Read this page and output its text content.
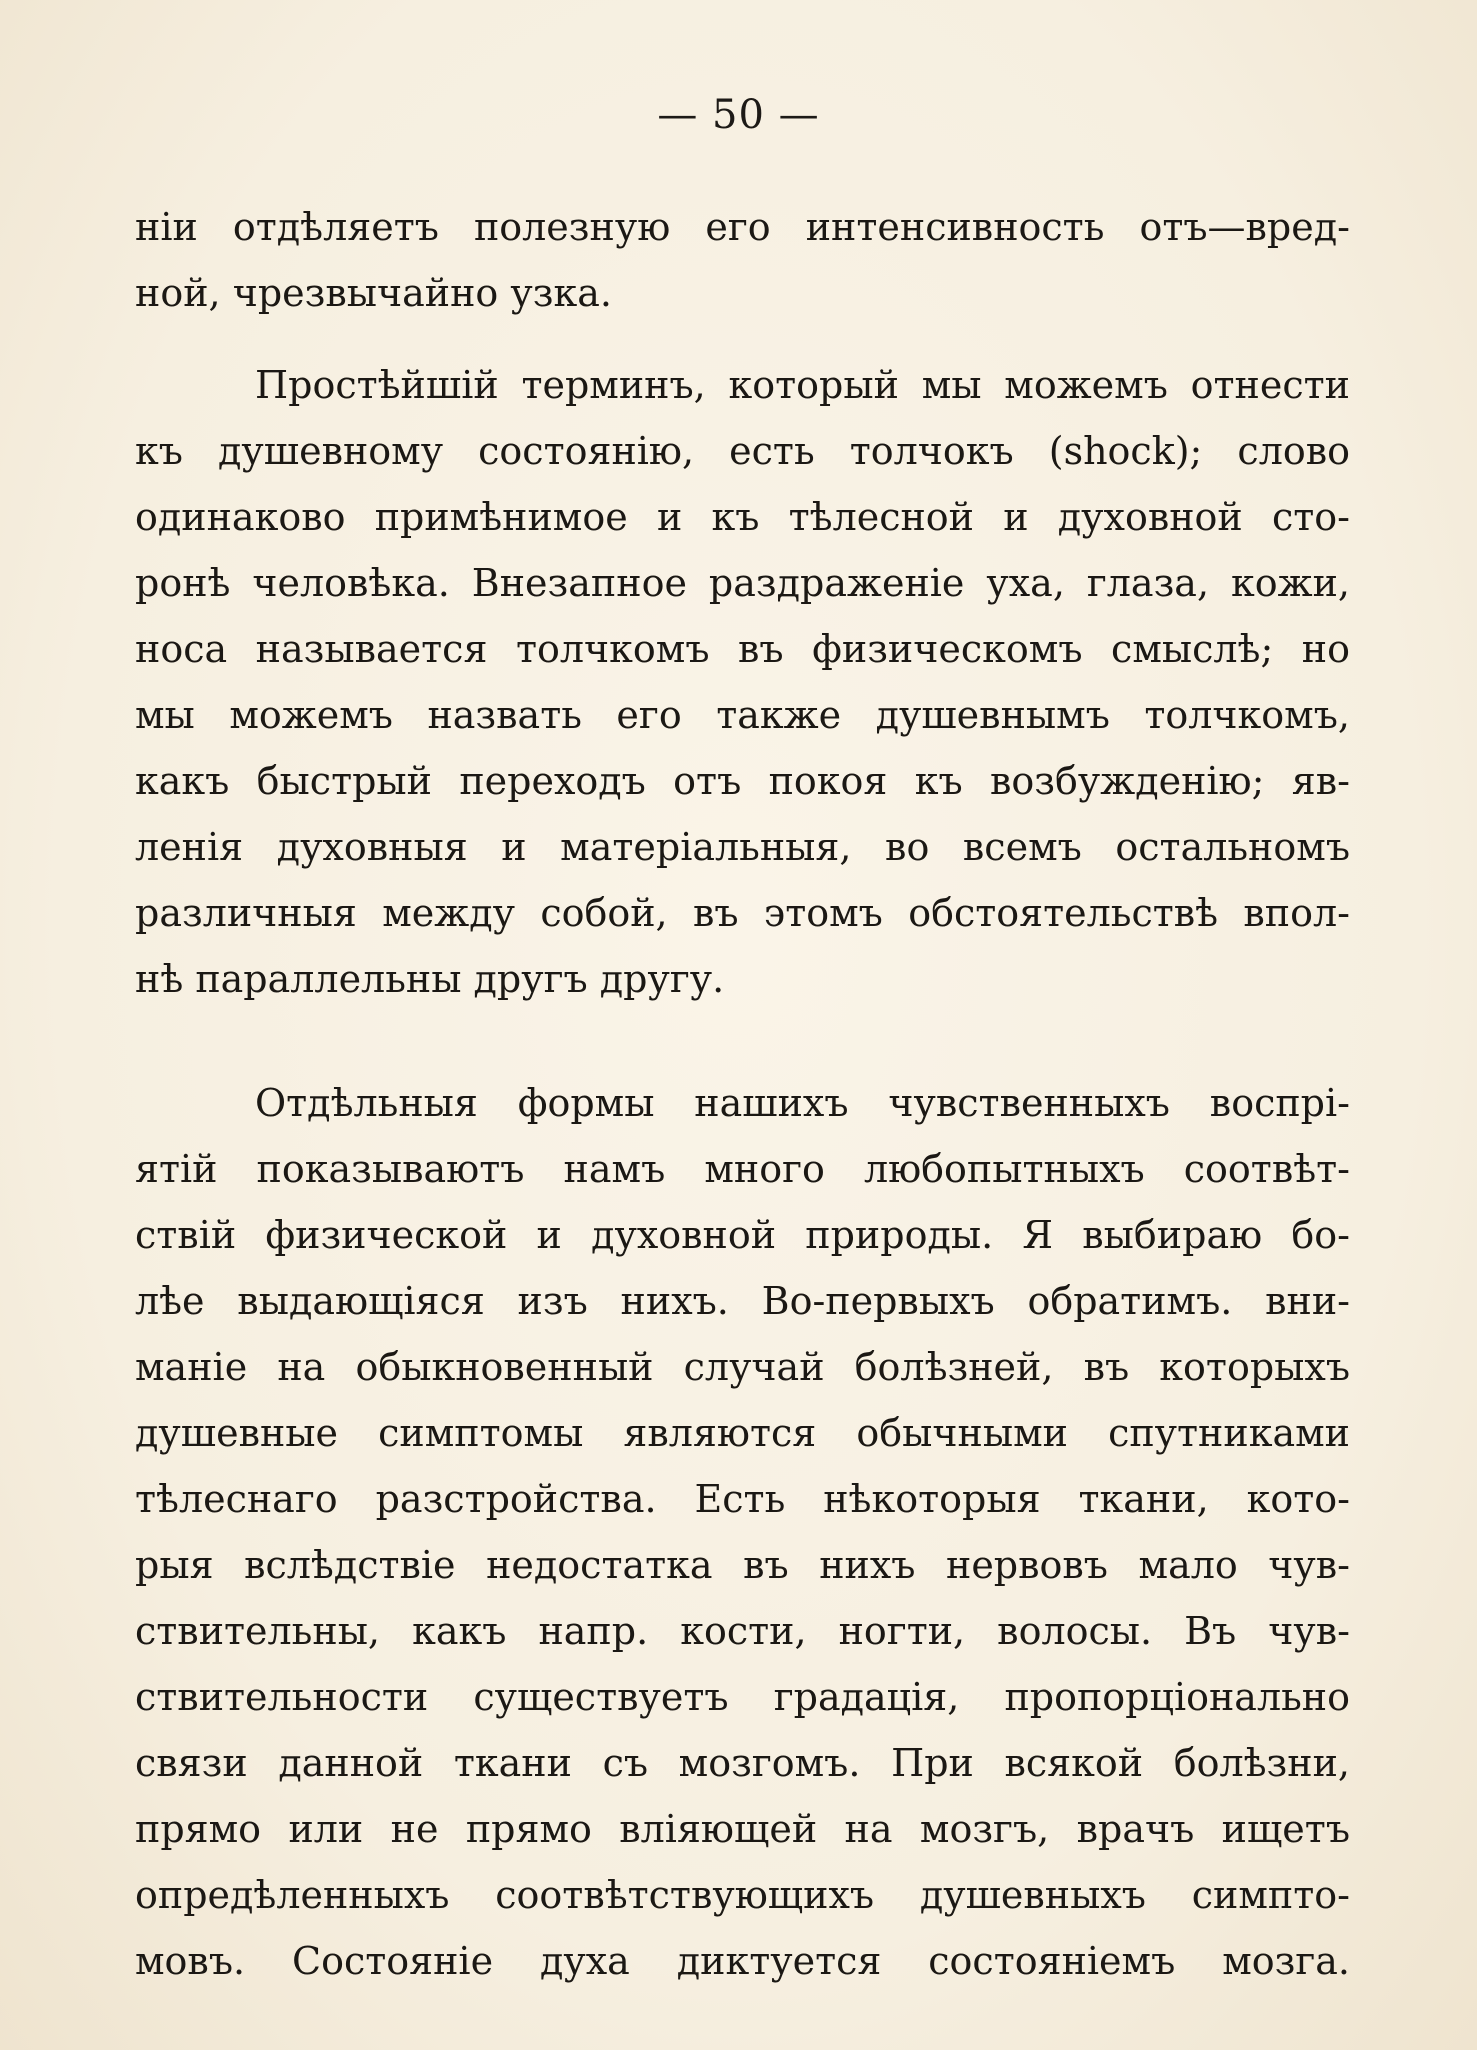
— 50 —
ніи отдѣляетъ полезную его интенсивность отъ—вред-
ной, чрезвычайно узка.
Простѣйшій терминъ, который мы можемъ отнести
къ душевному состоянію, есть толчокъ (shock); слово
одинаково примѣнимое и къ тѣлесной и духовной сто-
ронѣ человѣка. Внезапное раздраженіе уха, глаза, кожи,
носа называется толчкомъ въ физическомъ смыслѣ; но
мы можемъ назвать его также душевнымъ толчкомъ,
какъ быстрый переходъ отъ покоя къ возбужденію; яв-
ленія духовныя и матеріальныя, во всемъ остальномъ
различныя между собой, въ этомъ обстоятельствѣ впол-
нѣ параллельны другъ другу.
Отдѣльныя формы нашихъ чувственныхъ воспрі-
ятій показываютъ намъ много любопытныхъ соотвѣт-
ствій физической и духовной природы. Я выбираю бо-
лѣе выдающіяся изъ нихъ. Во-первыхъ обратимъ. вни-
маніе на обыкновенный случай болѣзней, въ которыхъ
душевные симптомы являются обычными спутниками
тѣлеснаго разстройства. Есть нѣкоторыя ткани, кото-
рыя вслѣдствіе недостатка въ нихъ нервовъ мало чув-
ствительны, какъ напр. кости, ногти, волосы. Въ чув-
ствительности существуетъ градація, пропорціонально
связи данной ткани съ мозгомъ. При всякой болѣзни,
прямо или не прямо вліяющей на мозгъ, врачъ ищетъ
опредѣленныхъ соотвѣтствующихъ душевныхъ симпто-
мовъ. Состояніе духа диктуется состояніемъ мозга.
